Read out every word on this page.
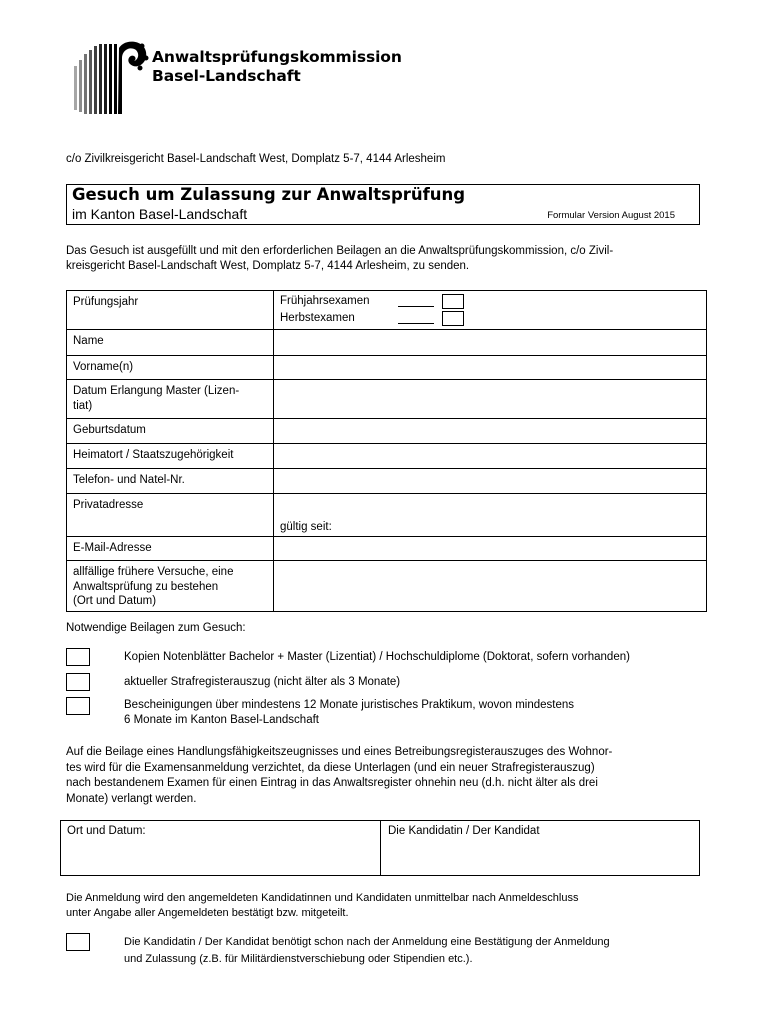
Anwaltsprüfungskommission
Basel-Landschaft
c/o Zivilkreisgericht Basel-Landschaft West, Domplatz 5-7, 4144 Arlesheim
Gesuch um Zulassung zur Anwaltsprüfung
im Kanton Basel-Landschaft	Formular Version August 2015
Das Gesuch ist ausgefüllt und mit den erforderlichen Beilagen an die Anwaltsprüfungskommission, c/o Zivil-
kreisgericht Basel-Landschaft West, Domplatz 5-7, 4144 Arlesheim, zu senden.
Prüfungsjahr	Frühjahrsexamen
Herbstexamen

Name	
Vorname(n)	

Datum Erlangung Master (Lizen-
tiat)	

Geburtsdatum	
Heimatort / Staatszugehörigkeit	
Telefon- und Natel-Nr.	
Privatadresse	gültig seit:

E-Mail-Adresse	

allfällige frühere Versuche, eine
Anwaltsprüfung zu bestehen
(Ort und Datum)	

Notwendige Beilagen zum Gesuch:
Kopien Notenblätter Bachelor + Master (Lizentiat) / Hochschuldiplome (Doktorat, sofern vorhanden)
aktueller Strafregisterauszug (nicht älter als 3 Monate)
Bescheinigungen über mindestens 12 Monate juristisches Praktikum, wovon mindestens
6 Monate im Kanton Basel-Landschaft
Auf die Beilage eines Handlungsfähigkeitszeugnisses und eines Betreibungsregisterauszuges des Wohnor-
tes wird für die Examensanmeldung verzichtet, da diese Unterlagen (und ein neuer Strafregisterauszug)
nach bestandenem Examen für einen Eintrag in das Anwaltsregister ohnehin neu (d.h. nicht älter als drei
Monate) verlangt werden.
Ort und Datum:	Die Kandidatin / Der Kandidat
Die Anmeldung wird den angemeldeten Kandidatinnen und Kandidaten unmittelbar nach Anmeldeschluss
unter Angabe aller Angemeldeten bestätigt bzw. mitgeteilt.
Die Kandidatin / Der Kandidat benötigt schon nach der Anmeldung eine Bestätigung der Anmeldung
und Zulassung (z.B. für Militärdienstverschiebung oder Stipendien etc.).
